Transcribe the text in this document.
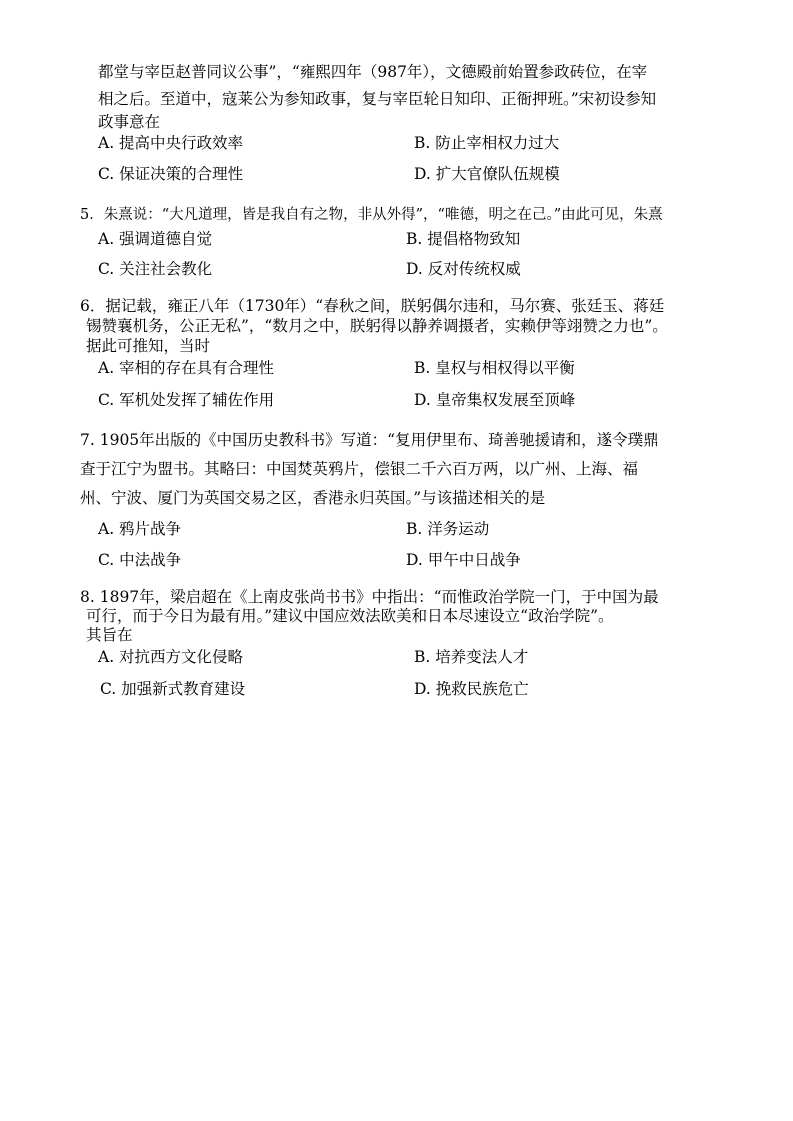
都堂与宰臣赵普同议公事”，“雍熙四年（987年），文德殿前始置参政砖位，在宰
相之后。至道中，寇莱公为参知政事，复与宰臣轮日知印、正衙押班。”宋初设参知
政事意在
A. 提高中央行政效率	B. 防止宰相权力过大
C. 保证决策的合理性	D. 扩大官僚队伍规模
5．朱熹说：“大凡道理，皆是我自有之物，非从外得”，“唯德，明之在己。”由此可见，朱熹
A. 强调道德自觉	B. 提倡格物致知
C. 关注社会教化	D. 反对传统权威
6．据记载，雍正八年（1730年）“春秋之间，朕躬偶尔违和，马尔赛、张廷玉、蒋廷
锡赞襄机务，公正无私”，“数月之中，朕躬得以静养调摄者，实赖伊等翊赞之力也”。
据此可推知，当时
A. 宰相的存在具有合理性	B. 皇权与相权得以平衡
C. 军机处发挥了辅佐作用	D. 皇帝集权发展至顶峰
7. 1905年出版的《中国历史教科书》写道：“复用伊里布、琦善驰援请和，遂令璞鼎
查于江宁为盟书。其略曰：中国焚英鸦片，偿银二千六百万两，以广州、上海、福
州、宁波、厦门为英国交易之区，香港永归英国。”与该描述相关的是
A. 鸦片战争	B. 洋务运动
C. 中法战争	D. 甲午中日战争
8. 1897年，梁启超在《上南皮张尚书书》中指出：“而惟政治学院一门，于中国为最
可行，而于今日为最有用。”建议中国应效法欧美和日本尽速设立“政治学院”。
其旨在
A. 对抗西方文化侵略	B. 培养变法人才
C. 加强新式教育建设	D. 挽救民族危亡
